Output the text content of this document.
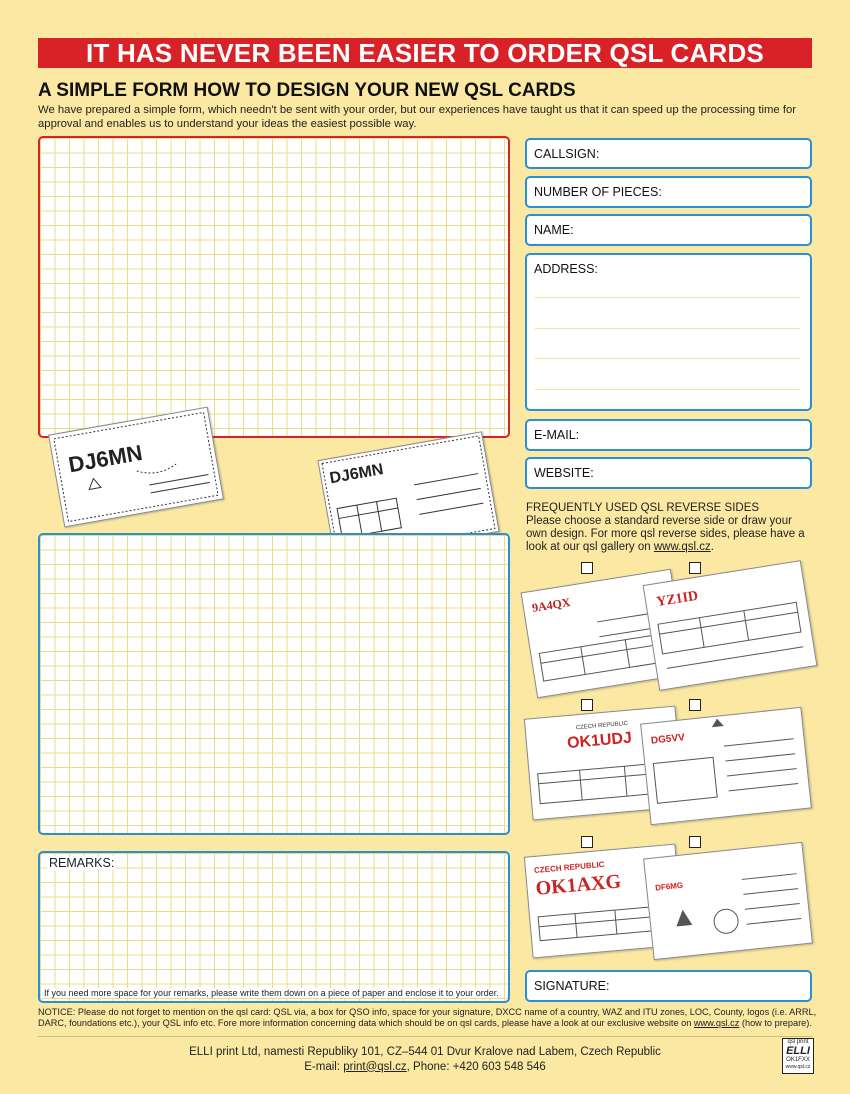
IT HAS NEVER BEEN EASIER TO ORDER QSL CARDS
A SIMPLE FORM HOW TO DESIGN YOUR NEW QSL CARDS
We have prepared a simple form, which needn't be sent with your order, but our experiences have taught us that it can speed up the processing time for approval and enables us to understand your ideas the easiest possible way.
DJ6MN	DJ6MN
CALLSIGN:
NUMBER OF PIECES:
NAME:
ADDRESS:
E-MAIL:
WEBSITE:
FREQUENTLY USED QSL REVERSE SIDES
Please choose a standard reverse side or draw your own design. For more qsl reverse sides, please have a look at our qsl gallery on www.qsl.cz.
9A4QX	YZ1ID
CZECH REPUBLIC
OK1UDJ DG5VV
CZECH REPUBLIC
OK1AXG	DF6MG
SIGNATURE:
REMARKS:
If you need more space for your remarks, please write them down on a piece of paper and enclose it to your order.
NOTICE: Please do not forget to mention on the qsl card: QSL via, a box for QSO info, space for your signature, DXCC name of a country, WAZ and ITU zones, LOC, County, logos (i.e. ARRL, DARC, foundations etc.), your QSL info etc. Fore more information concerning data which should be on qsl cards, please have a look at our exclusive website on www.qsl.cz (how to prepare).
ELLI print Ltd, namesti Republiky 101, CZ–544 01 Dvur Kralove nad Labem, Czech Republic
E-mail: print@qsl.cz, Phone: +420 603 548 546
qsl print
ELLI
OK1FXX
www.qsl.cz
